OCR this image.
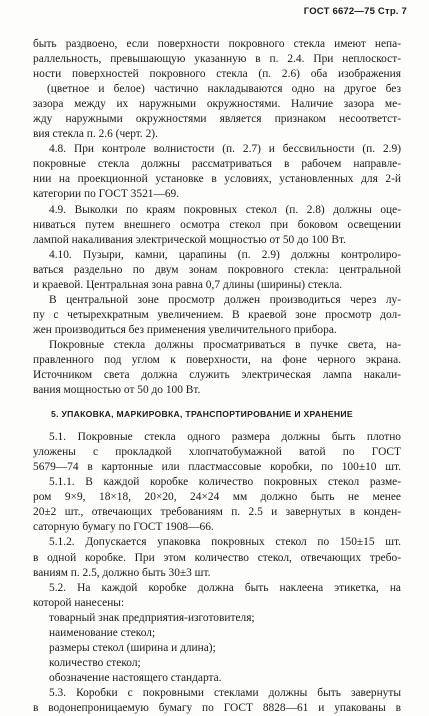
ГОСТ 6672—75 Стр. 7
быть раздвоено, если поверхности покровного стекла имеют непа-
раллельность, превышающую указанную в п. 2.4. При неплоскост-
ности поверхностей покровного стекла (п. 2.6) оба изображения
(цветное и белое) частично накладываются одно на другое без
зазора между их наружными окружностями. Наличие зазора ме-
жду наружными окружностями является признаком несоответст-
вия стекла п. 2.6 (черт. 2).
4.8. При контроле волнистости (п. 2.7) и бессвильности (п. 2.9)
покровные стекла должны рассматриваться в рабочем направле-
нии на проекционной установке в условиях, установленных для 2-й
категории по ГОСТ 3521—69.
4.9. Выколки по краям покровных стекол (п. 2.8) должны оце-
ниваться путем внешнего осмотра стекол при боковом освещении
лампой накаливания электрической мощностью от 50 до 100 Вт.
4.10. Пузыри, камни, царапины (п. 2.9) должны контролиро-
ваться раздельно по двум зонам покровного стекла: центральной
и краевой. Центральная зона равна 0,7 длины (ширины) стекла.
В центральной зоне просмотр должен производиться через лу-
пу с четырехкратным увеличением. В краевой зоне просмотр дол-
жен производиться без применения увеличительного прибора.
Покровные стекла должны просматриваться в пучке света, на-
правленного под углом к поверхности, на фоне черного экрана.
Источником света должна служить электрическая лампа накали-
вания мощностью от 50 до 100 Вт.
5. УПАКОВКА, МАРКИРОВКА, ТРАНСПОРТИРОВАНИЕ И ХРАНЕНИЕ
5.1. Покровные стекла одного размера должны быть плотно
уложены с прокладкой хлопчатобумажной ватой по ГОСТ
5679—74 в картонные или пластмассовые коробки, по 100±10 шт.
5.1.1. В каждой коробке количество покровных стекол разме-
ром 9×9, 18×18, 20×20, 24×24 мм должно быть не менее
20±2 шт., отвечающих требованиям п. 2.5 и завернутых в конден-
саторную бумагу по ГОСТ 1908—66.
5.1.2. Допускается упаковка покровных стекол по 150±15 шт.
в одной коробке. При этом количество стекол, отвечающих требо-
ваниям п. 2.5, должно быть 30±3 шт.
5.2. На каждой коробке должна быть наклеена этикетка, на
которой нанесены:
товарный знак предприятия-изготовителя;
наименование стекол;
размеры стекол (ширина и длина);
количество стекол;
обозначение настоящего стандарта.
5.3. Коробки с покровными стеклами должны быть завернуты
в водонепроницаемую бумагу по ГОСТ 8828—61 и упакованы в
